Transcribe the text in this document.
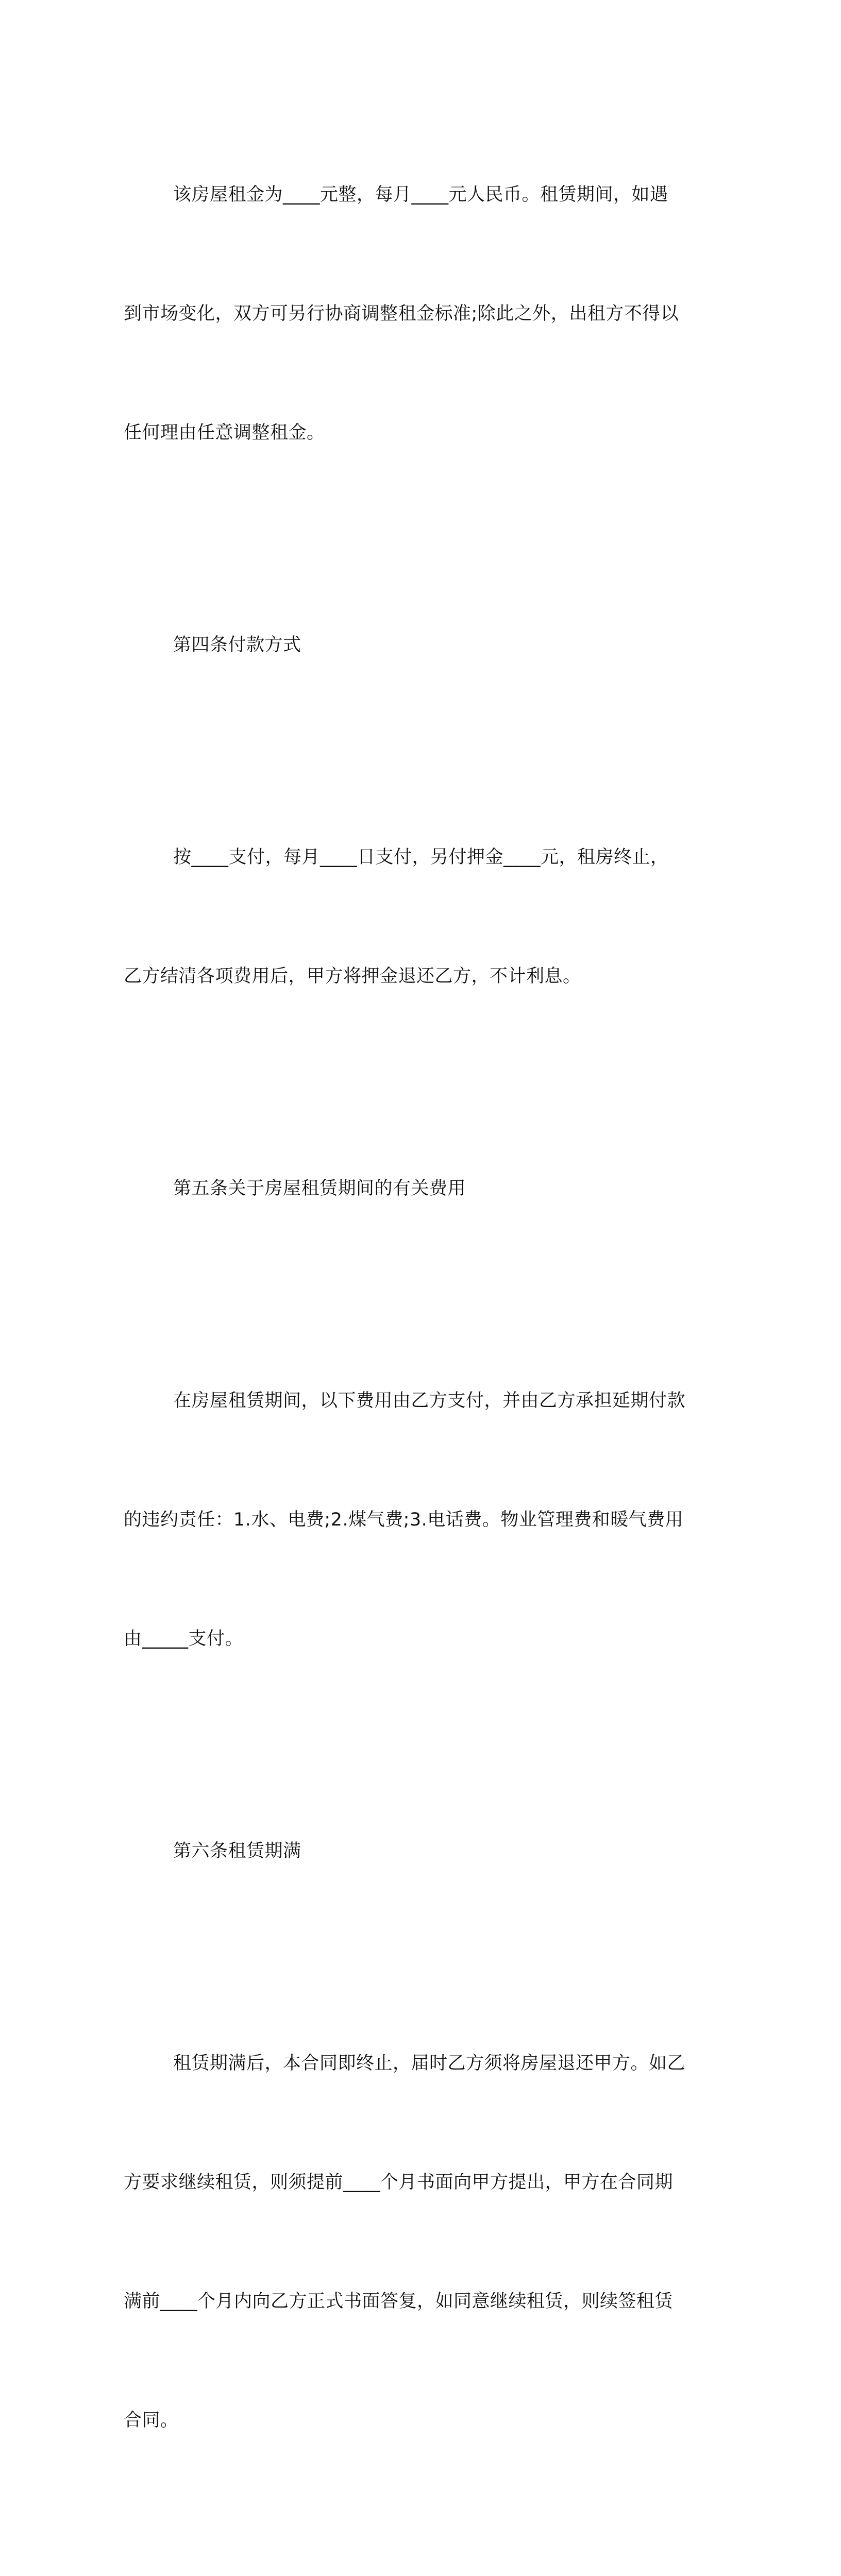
该房屋租金为____元整，每月____元人民币。租赁期间，如遇

到市场变化，双方可另行协商调整租金标准;除此之外，出租方不得以

任何理由任意调整租金。

第四条付款方式

按____支付，每月____日支付，另付押金____元，租房终止，

乙方结清各项费用后，甲方将押金退还乙方，不计利息。

第五条关于房屋租赁期间的有关费用

在房屋租赁期间，以下费用由乙方支付，并由乙方承担延期付款

的违约责任：1.水、电费;2.煤气费;3.电话费。物业管理费和暖气费用

由_____支付。

第六条租赁期满

租赁期满后，本合同即终止，届时乙方须将房屋退还甲方。如乙

方要求继续租赁，则须提前____个月书面向甲方提出，甲方在合同期

满前____个月内向乙方正式书面答复，如同意继续租赁，则续签租赁

合同。
